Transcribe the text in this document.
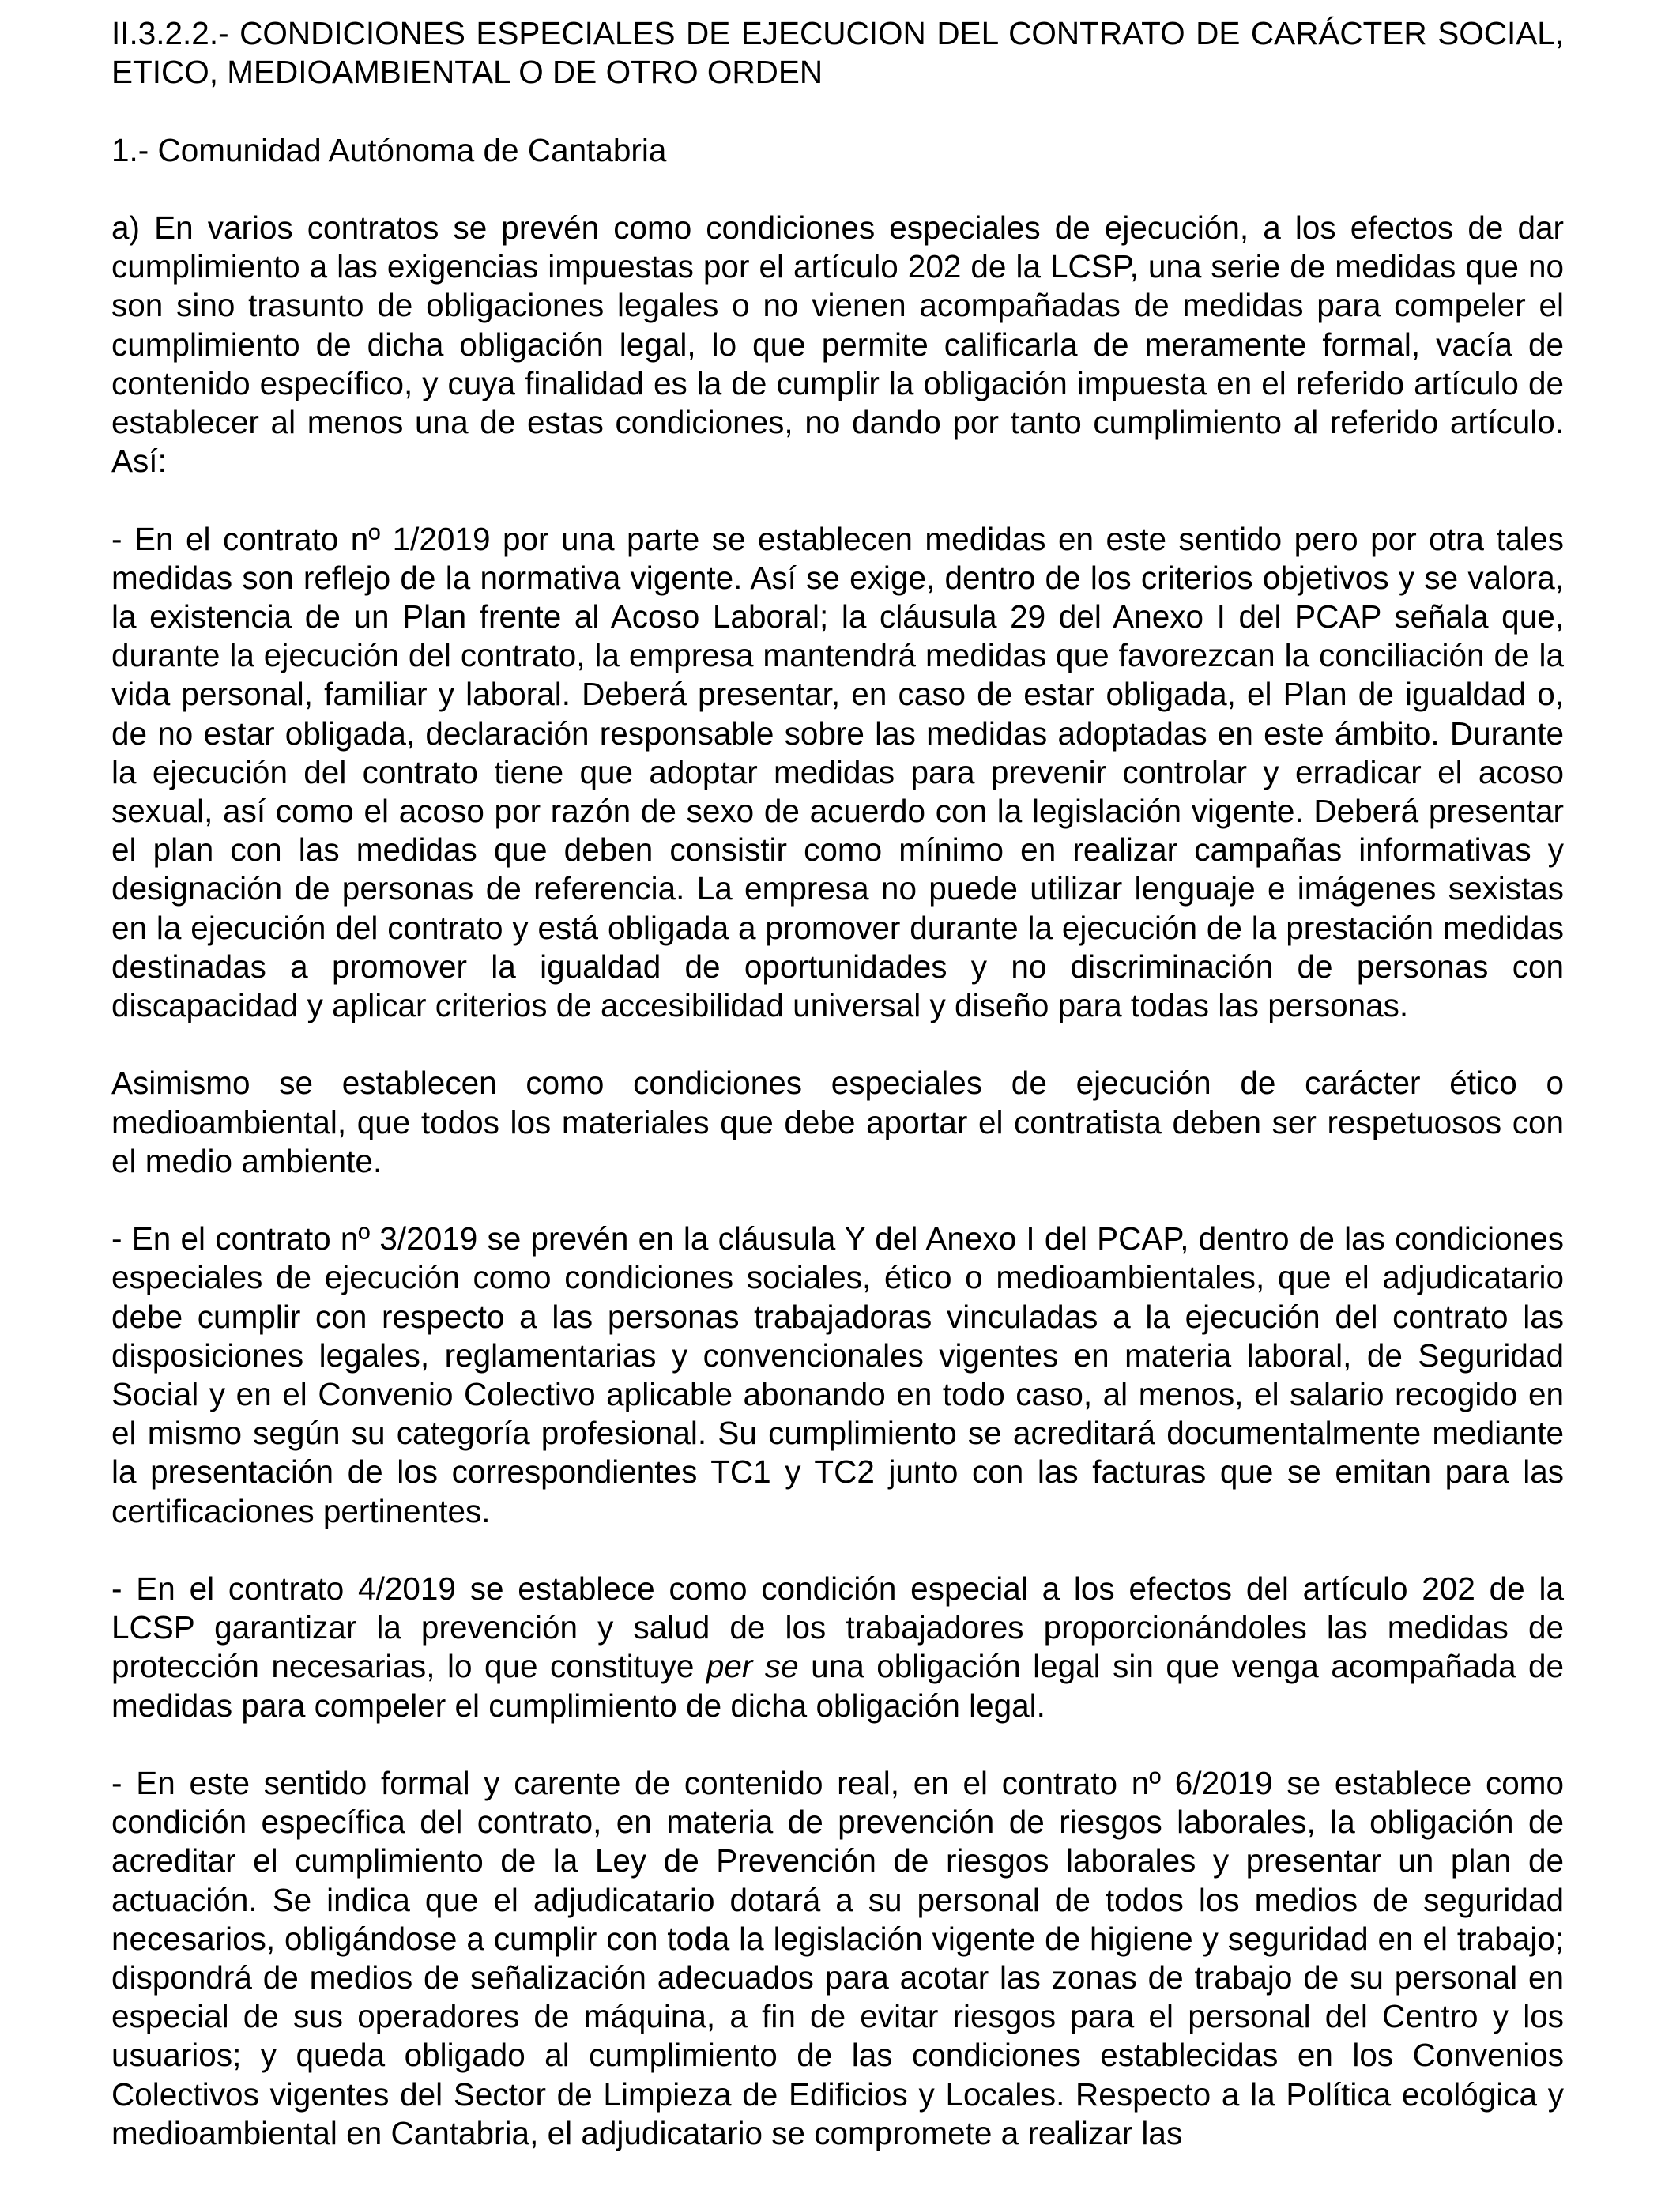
II.3.2.2.- CONDICIONES ESPECIALES DE EJECUCION DEL CONTRATO DE CARÁCTER SOCIAL, ETICO, MEDIOAMBIENTAL O DE OTRO ORDEN

1.- Comunidad Autónoma de Cantabria

a) En varios contratos se prevén como condiciones especiales de ejecución, a los efectos de dar cumplimiento a las exigencias impuestas por el artículo 202 de la LCSP, una serie de medidas que no son sino trasunto de obligaciones legales o no vienen acompañadas de medidas para compeler el cumplimiento de dicha obligación legal, lo que permite calificarla de meramente formal, vacía de contenido específico, y cuya finalidad es la de cumplir la obligación impuesta en el referido artículo de establecer al menos una de estas condiciones, no dando por tanto cumplimiento al referido artículo. Así:

- En el contrato nº 1/2019 por una parte se establecen medidas en este sentido pero por otra tales medidas son reflejo de la normativa vigente. Así se exige, dentro de los criterios objetivos y se valora, la existencia de un Plan frente al Acoso Laboral; la cláusula 29 del Anexo I del PCAP señala que, durante la ejecución del contrato, la empresa mantendrá medidas que favorezcan la conciliación de la vida personal, familiar y laboral. Deberá presentar, en caso de estar obligada, el Plan de igualdad o, de no estar obligada, declaración responsable sobre las medidas adoptadas en este ámbito. Durante la ejecución del contrato tiene que adoptar medidas para prevenir controlar y erradicar el acoso sexual, así como el acoso por razón de sexo de acuerdo con la legislación vigente. Deberá presentar el plan con las medidas que deben consistir como mínimo en realizar campañas informativas y designación de personas de referencia. La empresa no puede utilizar lenguaje e imágenes sexistas en la ejecución del contrato y está obligada a promover durante la ejecución de la prestación medidas destinadas a promover la igualdad de oportunidades y no discriminación de personas con discapacidad y aplicar criterios de accesibilidad universal y diseño para todas las personas.

Asimismo se establecen como condiciones especiales de ejecución de carácter ético o medioambiental, que todos los materiales que debe aportar el contratista deben ser respetuosos con el medio ambiente.

- En el contrato nº 3/2019 se prevén en la cláusula Y del Anexo I del PCAP, dentro de las condiciones especiales de ejecución como condiciones sociales, ético o medioambientales, que el adjudicatario debe cumplir con respecto a las personas trabajadoras vinculadas a la ejecución del contrato las disposiciones legales, reglamentarias y convencionales vigentes en materia laboral, de Seguridad Social y en el Convenio Colectivo aplicable abonando en todo caso, al menos, el salario recogido en el mismo según su categoría profesional. Su cumplimiento se acreditará documentalmente mediante la presentación de los correspondientes TC1 y TC2 junto con las facturas que se emitan para las certificaciones pertinentes.

- En el contrato 4/2019 se establece como condición especial a los efectos del artículo 202 de la LCSP garantizar la prevención y salud de los trabajadores proporcionándoles las medidas de protección necesarias, lo que constituye per se una obligación legal sin que venga acompañada de medidas para compeler el cumplimiento de dicha obligación legal.

- En este sentido formal y carente de contenido real, en el contrato nº 6/2019 se establece como condición específica del contrato, en materia de prevención de riesgos laborales, la obligación de acreditar el cumplimiento de la Ley de Prevención de riesgos laborales y presentar un plan de actuación. Se indica que el adjudicatario dotará a su personal de todos los medios de seguridad necesarios, obligándose a cumplir con toda la legislación vigente de higiene y seguridad en el trabajo; dispondrá de medios de señalización adecuados para acotar las zonas de trabajo de su personal en especial de sus operadores de máquina, a fin de evitar riesgos para el personal del Centro y los usuarios; y queda obligado al cumplimiento de las condiciones establecidas en los Convenios Colectivos vigentes del Sector de Limpieza de Edificios y Locales. Respecto a la Política ecológica y medioambiental en Cantabria, el adjudicatario se compromete a realizar las
